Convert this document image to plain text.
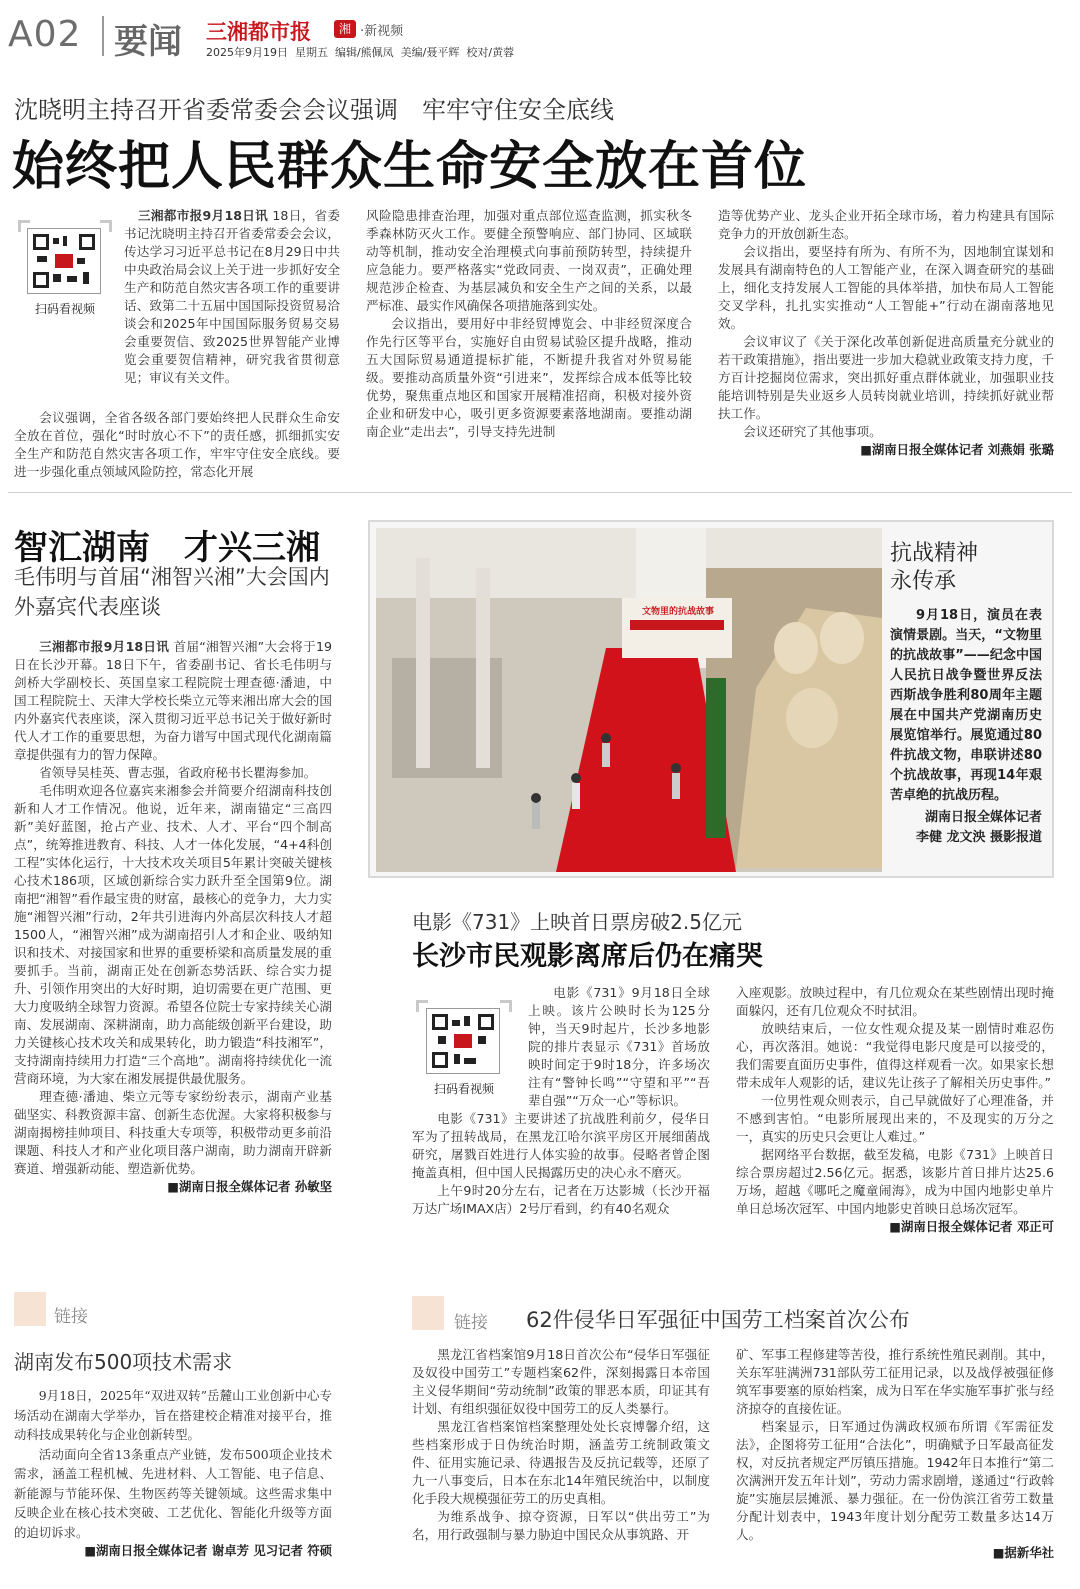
A02 要闻 三湘都市报	湘 ·新视频
2025年9月19日  星期五  编辑/熊佩凤  美编/聂平辉  校对/黄蓉
沈晓明主持召开省委常委会会议强调　牢牢守住安全底线
始终把人民群众生命安全放在首位
扫码看视频

三湘都市报9月18日讯 18日，省委书记沈晓明主持召开省委常委会会议，传达学习习近平总书记在8月29日中共中央政治局会议上关于进一步抓好安全生产和防范自然灾害各项工作的重要讲话、致第二十五届中国国际投资贸易洽谈会和2025年中国国际服务贸易交易会重要贺信、致2025世界智能产业博览会重要贺信精神，研究我省贯彻意见；审议有关文件。

会议强调，全省各级各部门要始终把人民群众生命安全放在首位，强化“时时放心不下”的责任感，抓细抓实安全生产和防范自然灾害各项工作，牢牢守住安全底线。要进一步强化重点领域风险防控，常态化开展

风险隐患排查治理，加强对重点部位巡查监测，抓实秋冬季森林防灭火工作。要健全预警响应、部门协同、区域联动等机制，推动安全治理模式向事前预防转型，持续提升应急能力。要严格落实“党政同责、一岗双责”，正确处理规范涉企检查、为基层减负和安全生产之间的关系，以最严标准、最实作风确保各项措施落到实处。

会议指出，要用好中非经贸博览会、中非经贸深度合作先行区等平台，实施好自由贸易试验区提升战略，推动五大国际贸易通道提标扩能，不断提升我省对外贸易能级。要推动高质量外资“引进来”，发挥综合成本低等比较优势，聚焦重点地区和国家开展精准招商，积极对接外资企业和研发中心，吸引更多资源要素落地湖南。要推动湖南企业“走出去”，引导支持先进制

造等优势产业、龙头企业开拓全球市场，着力构建具有国际竞争力的开放创新生态。

会议指出，要坚持有所为、有所不为，因地制宜谋划和发展具有湖南特色的人工智能产业，在深入调查研究的基础上，细化支持发展人工智能的具体举措，加快布局人工智能交叉学科，扎扎实实推动“人工智能+”行动在湖南落地见效。

会议审议了《关于深化改革创新促进高质量充分就业的若干政策措施》，指出要进一步加大稳就业政策支持力度，千方百计挖掘岗位需求，突出抓好重点群体就业，加强职业技能培训特别是失业返乡人员转岗就业培训，持续抓好就业帮扶工作。

会议还研究了其他事项。

■湖南日报全媒体记者 刘燕娟 张璐
智汇湖南　才兴三湘
毛伟明与首届“湘智兴湘”大会国内外嘉宾代表座谈

三湘都市报9月18日讯 首届“湘智兴湘”大会将于19日在长沙开幕。18日下午，省委副书记、省长毛伟明与剑桥大学副校长、英国皇家工程院院士理查德·潘迪，中国工程院院士、天津大学校长柴立元等来湘出席大会的国内外嘉宾代表座谈，深入贯彻习近平总书记关于做好新时代人才工作的重要思想，为奋力谱写中国式现代化湖南篇章提供强有力的智力保障。

省领导吴桂英、曹志强，省政府秘书长瞿海参加。

毛伟明欢迎各位嘉宾来湘参会并简要介绍湖南科技创新和人才工作情况。他说，近年来，湖南锚定“三高四新”美好蓝图，抢占产业、技术、人才、平台“四个制高点”，统筹推进教育、科技、人才一体化发展，“4+4科创工程”实体化运行，十大技术攻关项目5年累计突破关键核心技术186项，区域创新综合实力跃升至全国第9位。湖南把“湘智”看作最宝贵的财富，最核心的竞争力，大力实施“湘智兴湘”行动，2年共引进海内外高层次科技人才超1500人，“湘智兴湘”成为湖南招引人才和企业、吸纳知识和技术、对接国家和世界的重要桥梁和高质量发展的重要抓手。当前，湖南正处在创新态势活跃、综合实力提升、引领作用突出的大好时期，迫切需要在更广范围、更大力度吸纳全球智力资源。希望各位院士专家持续关心湖南、发展湖南、深耕湖南，助力高能级创新平台建设，助力关键核心技术攻关和成果转化，助力锻造“科技湘军”，支持湖南持续用力打造“三个高地”。湖南将持续优化一流营商环境，为大家在湘发展提供最优服务。

理查德·潘迪、柴立元等专家纷纷表示，湖南产业基础坚实、科教资源丰富、创新生态优渥。大家将积极参与湖南揭榜挂帅项目、科技重大专项等，积极带动更多前沿课题、科技人才和产业化项目落户湖南，助力湖南开辟新赛道、增强新动能、塑造新优势。

■湖南日报全媒体记者 孙敏坚
文物里的抗战故事
抗战精神
永传承
9月18日，演员在表演情景剧。当天，“文物里的抗战故事”——纪念中国人民抗日战争暨世界反法西斯战争胜利80周年主题展在中国共产党湖南历史展览馆举行。展览通过80件抗战文物，串联讲述80个抗战故事，再现14年艰苦卓绝的抗战历程。
湖南日报全媒体记者
李健 龙文泱 摄影报道
电影《731》上映首日票房破2.5亿元
长沙市民观影离席后仍在痛哭
扫码看视频

电影《731》9月18日全球上映。该片公映时长为125分钟，当天9时起片，长沙多地影院的排片表显示《731》首场放映时间定于9时18分，许多场次注有“警钟长鸣”“守望和平”“吾辈自强”“万众一心”等标识。

电影《731》主要讲述了抗战胜利前夕，侵华日军为了扭转战局，在黑龙江哈尔滨平房区开展细菌战研究，屠戮百姓进行人体实验的故事。侵略者曾企图掩盖真相，但中国人民揭露历史的决心永不磨灭。

上午9时20分左右，记者在万达影城（长沙开福万达广场IMAX店）2号厅看到，约有40名观众

入座观影。放映过程中，有几位观众在某些剧情出现时掩面躲闪，还有几位观众不时拭泪。

放映结束后，一位女性观众提及某一剧情时难忍伤心，再次落泪。她说：“我觉得电影尺度是可以接受的，我们需要直面历史事件，值得这样观看一次。如果家长想带未成年人观影的话，建议先让孩子了解相关历史事件。”

一位男性观众则表示，自己早就做好了心理准备，并不感到害怕。“电影所展现出来的，不及现实的万分之一，真实的历史只会更让人难过。”

据网络平台数据，截至发稿，电影《731》上映首日综合票房超过2.56亿元。据悉，该影片首日排片达25.6万场，超越《哪吒之魔童闹海》，成为中国内地影史单片单日总场次冠军、中国内地影史首映日总场次冠军。

■湖南日报全媒体记者 邓正可
链接
湖南发布500项技术需求

9月18日，2025年“双进双转”岳麓山工业创新中心专场活动在湖南大学举办，旨在搭建校企精准对接平台，推动科技成果转化与企业创新转型。

活动面向全省13条重点产业链，发布500项企业技术需求，涵盖工程机械、先进材料、人工智能、电子信息、新能源与节能环保、生物医药等关键领域。这些需求集中反映企业在核心技术突破、工艺优化、智能化升级等方面的迫切诉求。

■湖南日报全媒体记者 谢卓芳 见习记者 符硕
链接 62件侵华日军强征中国劳工档案首次公布

黑龙江省档案馆9月18日首次公布“侵华日军强征及奴役中国劳工”专题档案62件，深刻揭露日本帝国主义侵华期间“劳动统制”政策的罪恶本质，印证其有计划、有组织强征奴役中国劳工的反人类暴行。

黑龙江省档案馆档案整理处处长哀博馨介绍，这些档案形成于日伪统治时期，涵盖劳工统制政策文件、征用实施记录、待遇报告及反抗记载等，还原了九一八事变后，日本在东北14年殖民统治中，以制度化手段大规模强征劳工的历史真相。

为维系战争、掠夺资源，日军以“供出劳工”为名，用行政强制与暴力胁迫中国民众从事筑路、开

矿、军事工程修建等苦役，推行系统性殖民剥削。其中，关东军驻满洲731部队劳工征用记录，以及战俘被强征修筑军事要塞的原始档案，成为日军在华实施军事扩张与经济掠夺的直接佐证。

档案显示，日军通过伪满政权颁布所谓《军需征发法》，企图将劳工征用“合法化”，明确赋予日军最高征发权，对反抗者规定严厉镇压措施。1942年日本推行“第二次满洲开发五年计划”，劳动力需求剧增，遂通过“行政斡旋”实施层层摊派、暴力强征。在一份伪滨江省劳工数量分配计划表中，1943年度计划分配劳工数量多达14万人。

■据新华社
